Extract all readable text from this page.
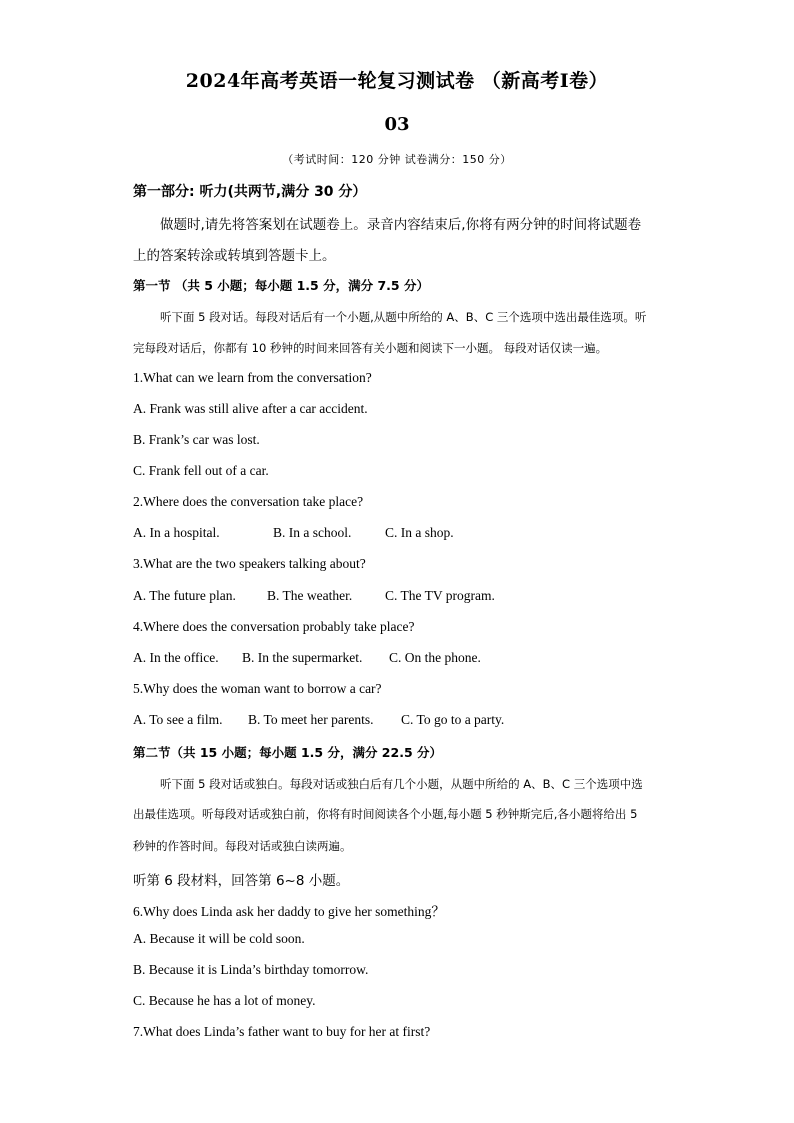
2024年高考英语一轮复习测试卷 （新高考Ⅰ卷）
03
（考试时间：120 分钟 试卷满分：150 分）
第一部分: 听力(共两节,满分 30 分）
做题时,请先将答案划在试题卷上。录音内容结束后,你将有两分钟的时间将试题卷
上的答案转涂或转填到答题卡上。
第一节 （共 5 小题；每小题 1.5 分，满分 7.5 分）
听下面 5 段对话。每段对话后有一个小题,从题中所给的 A、B、C 三个选项中选出最佳选项。听
完每段对话后，你都有 10 秒钟的时间来回答有关小题和阅读下一小题。 每段对话仅读一遍。
1.What can we learn from the conversation?
A. Frank was still alive after a car accident.
B. Frank’s car was lost.
C. Frank fell out of a car.
2.Where does the conversation take place?
A. In a hospital.	B. In a school. C. In a shop.
3.What are the two speakers talking about?
A. The future plan. B. The weather. C. The TV program.
4.Where does the conversation probably take place?
A. In the office. B. In the supermarket. C. On the phone.
5.Why does the woman want to borrow a car?
A. To see a film. B. To meet her parents. C. To go to a party.
第二节（共 15 小题；每小题 1.5 分，满分 22.5 分）
听下面 5 段对话或独白。每段对话或独白后有几个小题，从题中所给的 A、B、C 三个选项中选
出最佳选项。听每段对话或独白前，你将有时间阅读各个小题,每小题 5 秒钟斯完后,各小题将给出 5
秒钟的作答时间。每段对话或独白读两遍。
听第 6 段材料，回答第 6~8 小题。
6.Why does Linda ask her daddy to give her something？
A. Because it will be cold soon.
B. Because it is Linda’s birthday tomorrow.
C. Because he has a lot of money.
7.What does Linda’s father want to buy for her at first?
